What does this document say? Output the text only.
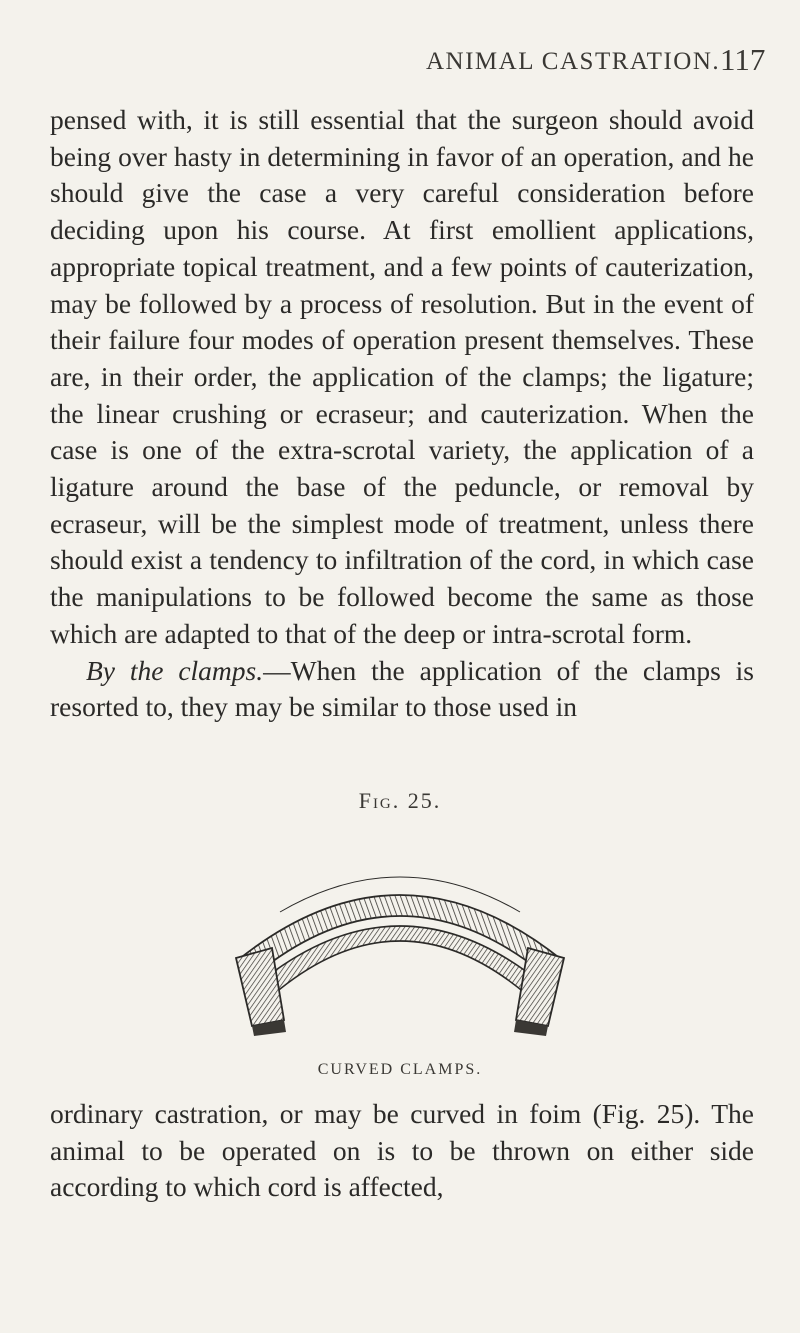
ANIMAL CASTRATION. 117

pensed with, it is still essential that the surgeon should avoid being over hasty in determining in favor of an operation, and he should give the case a very careful consideration before deciding upon his course. At first emollient applications, appropriate topical treatment, and a few points of cauterization, may be followed by a process of resolution. But in the event of their failure four modes of operation present themselves. These are, in their order, the application of the clamps; the ligature; the linear crushing or ecraseur; and cauterization. When the case is one of the extra-scrotal variety, the application of a ligature around the base of the peduncle, or removal by ecraseur, will be the simplest mode of treatment, unless there should exist a tendency to infiltration of the cord, in which case the manipulations to be followed become the same as those which are adapted to that of the deep or intra-scrotal form.

By the clamps.—When the application of the clamps is resorted to, they may be similar to those used in

Fig. 25.
CURVED CLAMPS.

ordinary castration, or may be curved in foim (Fig. 25). The animal to be operated on is to be thrown on either side according to which cord is affected,
